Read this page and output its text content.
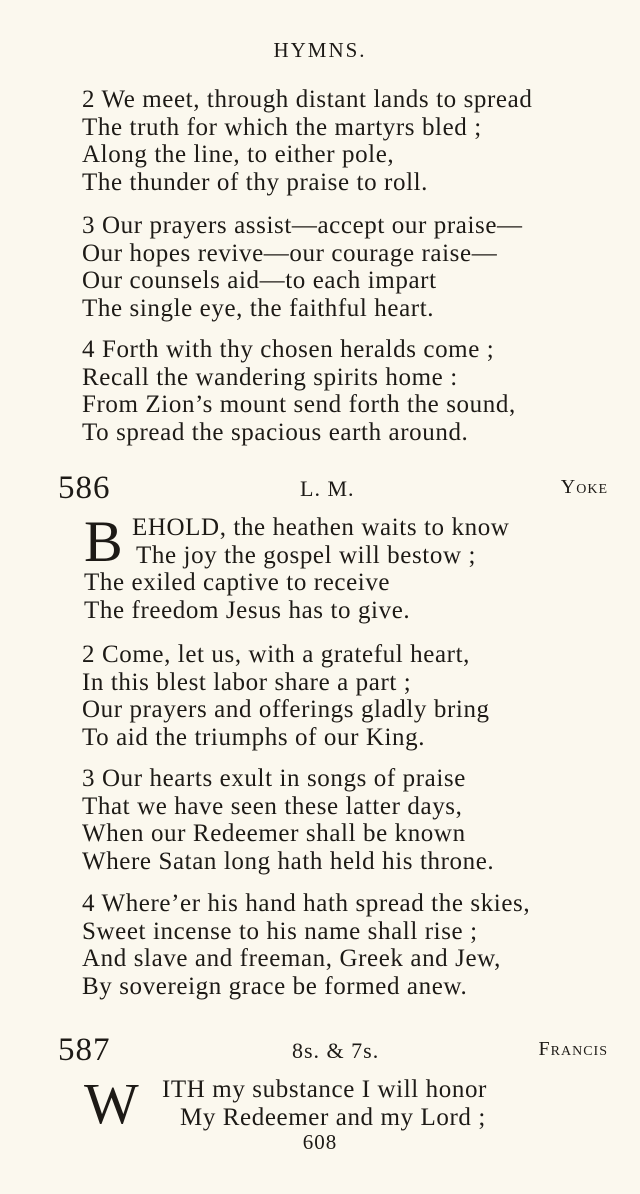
HYMNS.
2 We meet, through distant lands to spread
The truth for which the martyrs bled ;
Along the line, to either pole,
The thunder of thy praise to roll.
3 Our prayers assist—accept our praise—
Our hopes revive—our courage raise—
Our counsels aid—to each impart
The single eye, the faithful heart.
4 Forth with thy chosen heralds come ;
Recall the wandering spirits home :
From Zion’s mount send forth the sound,
To spread the spacious earth around.
586	L. M.	Yoke
B EHOLD, the heathen waits to know
The joy the gospel will bestow ;
The exiled captive to receive
The freedom Jesus has to give.
2 Come, let us, with a grateful heart,
In this blest labor share a part ;
Our prayers and offerings gladly bring
To aid the triumphs of our King.
3 Our hearts exult in songs of praise
That we have seen these latter days,
When our Redeemer shall be known
Where Satan long hath held his throne.
4 Where’er his hand hath spread the skies,
Sweet incense to his name shall rise ;
And slave and freeman, Greek and Jew,
By sovereign grace be formed anew.
587	8s. & 7s.	Francis
W ITH my substance I will honor
My Redeemer and my Lord ;
608
